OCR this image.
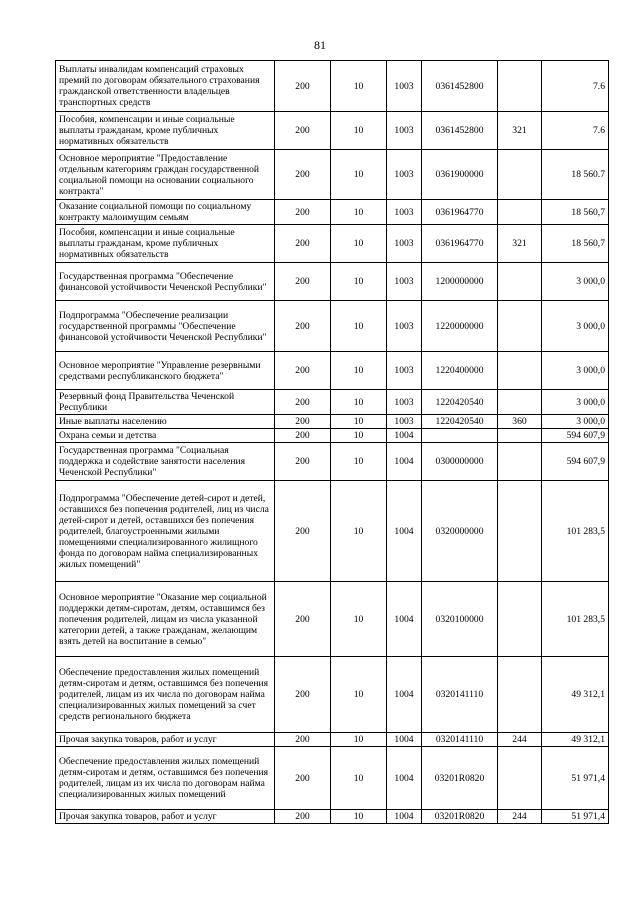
81
Выплаты инвалидам компенсаций страховых премий по договорам обязательного страхования гражданской ответственности владельцев транспортных средств	200	10	1003	0361452800		7.6
Пособия, компенсации и иные социальные выплаты гражданам, кроме публичных нормативных обязательств	200	10	1003	0361452800	321	7.6
Основное мероприятие "Предоставление отдельным категориям граждан государственной социальной помощи на основании социального контракта"	200	10	1003	0361900000		18 560.7
Оказание социальной помощи по социальному контракту малоимущим семьям	200	10	1003	0361964770		18 560,7
Пособия, компенсации и иные социальные выплаты гражданам, кроме публичных нормативных обязательств	200	10	1003	0361964770	321	18 560,7
Государственная программа "Обеспечение финансовой устойчивости Чеченской Республики"	200	10	1003	1200000000		3 000,0
Подпрограмма "Обеспечение реализации государственной программы "Обеспечение финансовой устойчивости Чеченской Республики"	200	10	1003	1220000000		3 000,0
Основное мероприятие "Управление резервными средствами республиканского бюджета"	200	10	1003	1220400000		3 000,0
Резервный фонд Правительства Чеченской Республики	200	10	1003	1220420540		3 000,0
Иные выплаты населению	200	10	1003	1220420540	360	3 000,0
Охрана семьи и детства	200	10	1004			594 607,9
Государственная программа "Социальная поддержка и содействие занятости населения Чеченской Республики"	200	10	1004	0300000000		594 607,9
Подпрограмма "Обеспечение детей-сирот и детей, оставшихся без попечения родителей, лиц из числа детей-сирот и детей, оставшихся без попечения родителей, благоустроенными жилыми помещениями специализированного жилищного фонда по договорам найма специализированных жилых помещений"	200	10	1004	0320000000		101 283,5
Основное мероприятие "Оказание мер социальной поддержки детям-сиротам, детям, оставшимся без попечения родителей, лицам из числа указанной категории детей, а также гражданам, желающим взять детей на воспитание в семью"	200	10	1004	0320100000		101 283,5
Обеспечение предоставления жилых помещений детям-сиротам и детям, оставшимся без попечения родителей, лицам из их числа по договорам найма специализированных жилых помещений за счет средств регионального бюджета	200	10	1004	0320141110		49 312,1
Прочая закупка товаров, работ и услуг	200	10	1004	0320141110	244	49 312,1
Обеспечение предоставления жилых помещений детям-сиротам и детям, оставшимся без попечения родителей, лицам из их числа по договорам найма специализированных жилых помещений	200	10	1004	03201R0820		51 971,4
Прочая закупка товаров, работ и услуг	200	10	1004	03201R0820	244	51 971,4
